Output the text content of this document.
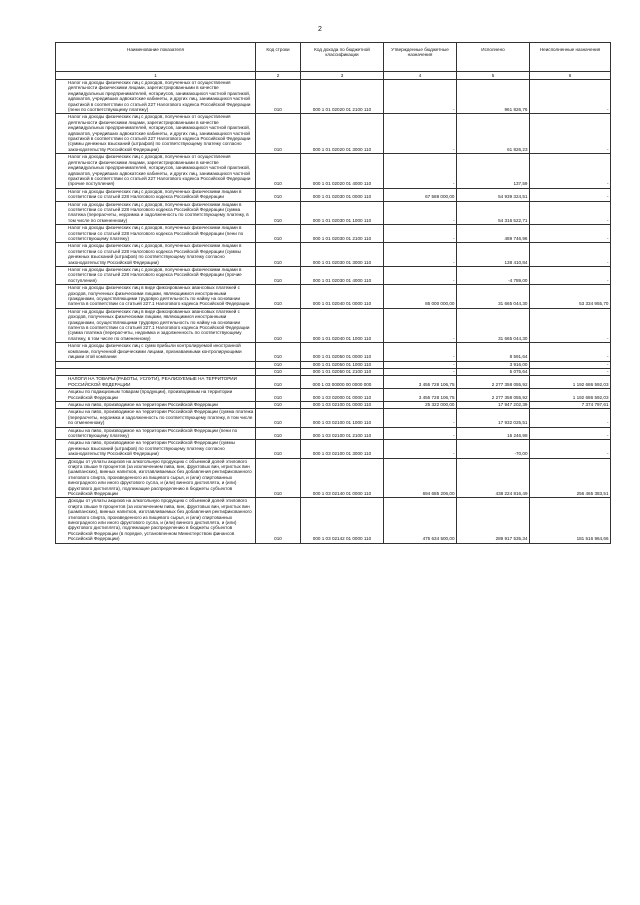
2
Наименование показателя	Код строки	Код дохода по бюджетной классификации	Утвержденные бюджетные назначения	Исполнено	Неисполненные назначения
1	2	3	4	5	6
Налог на доходы физических лиц с доходов, полученных от осуществления деятельности физическими лицами, зарегистрированными в качестве индивидуальных предпринимателей, нотариусов, занимающихся частной практикой, адвокатов, учредивших адвокатские кабинеты, и других лиц, занимающихся частной практикой в соответствии со статьей 227 Налогового кодекса Российской Федерации (пени по соответствующему платежу)	010	000 1 01 02020 01 2100 110	-	961 826,76	-
Налог на доходы физических лиц с доходов, полученных от осуществления деятельности физическими лицами, зарегистрированными в качестве индивидуальных предпринимателей, нотариусов, занимающихся частной практикой, адвокатов, учредивших адвокатские кабинеты, и других лиц, занимающихся частной практикой в соответствии со статьей 227 Налогового кодекса Российской Федерации (суммы денежных взысканий (штрафов) по соответствующему платежу согласно законодательству Российской Федерации)	010	000 1 01 02020 01 3000 110	-	61 826,23	-
Налог на доходы физических лиц с доходов, полученных от осуществления деятельности физическими лицами, зарегистрированными в качестве индивидуальных предпринимателей, нотариусов, занимающихся частной практикой, адвокатов, учредивших адвокатские кабинеты, и других лиц, занимающихся частной практикой в соответствии со статьей 227 Налогового кодекса Российской Федерации (прочие поступления)	010	000 1 01 02020 01 4000 110	-	137,59	-
Налог на доходы физических лиц с доходов, полученных физическими лицами в соответствии со статьей 228 Налогового кодекса Российской Федерации	010	000 1 01 02030 01 0000 110	67 588 000,00	54 939 324,51	-
Налог на доходы физических лиц с доходов, полученных физическими лицами в соответствии со статьей 228 Налогового кодекса Российской Федерации (сумма платежа (перерасчеты, недоимка и задолженность по соответствующему платежу, в том числе по отмененному)	010	000 1 01 02030 01 1000 110	-	54 316 522,71	-
Налог на доходы физических лиц с доходов, полученных физическими лицами в соответствии со статьей 228 Налогового кодекса Российской Федерации (пени по соответствующему платежу)	010	000 1 01 02030 01 2100 110	-	489 746,96	-
Налог на доходы физических лиц с доходов, полученных физическими лицами в соответствии со статьей 228 Налогового кодекса Российской Федерации (суммы денежных взысканий (штрафов) по соответствующему платежу согласно законодательству Российской Федерации)	010	000 1 01 02030 01 3000 110	-	138 410,84	-
Налог на доходы физических лиц с доходов, полученных физическими лицами в соответствии со статьей 228 Налогового кодекса Российской Федерации (прочие поступления)	010	000 1 01 02030 01 4000 110	-	-4 789,00	-
Налог на доходы физических лиц в виде фиксированных авансовых платежей с доходов, полученных физическими лицами, являющимися иностранными гражданами, осуществляющими трудовую деятельность по найму на основании патента в соответствии со статьей 227.1 Налогового кодекса Российской Федерации	010	000 1 01 02040 01 0000 110	85 000 000,00	31 665 044,30	53 334 955,70
Налог на доходы физических лиц в виде фиксированных авансовых платежей с доходов, полученных физическими лицами, являющимися иностранными гражданами, осуществляющими трудовую деятельность по найму на основании патента в соответствии со статьей 227.1 Налогового кодекса Российской Федерации (сумма платежа (перерасчеты, недоимка и задолженность по соответствующему платежу, в том числе по отмененному)	010	000 1 01 02040 01 1000 110	-	31 665 044,30	-
Налог на доходы физических лиц с сумм прибыли контролируемой иностранной компании, полученной физическими лицами, признаваемыми контролирующими лицами этой компании	010	000 1 01 02050 01 0000 110	-	8 591,64	-
	010	000 1 01 02050 01 1000 110	-	3 916,00	-
	010	000 1 01 02050 01 2100 110	-	5 075,64	-
НАЛОГИ НА ТОВАРЫ (РАБОТЫ, УСЛУГИ), РЕАЛИЗУЕМЫЕ НА ТЕРРИТОРИИ РОССИЙСКОЙ ФЕДЕРАЦИИ	010	000 1 03 00000 00 0000 000	3 455 728 106,75	2 277 358 055,92	1 192 686 592,03
Акцизы по подакцизным товарам (продукции), производимым на территории Российской Федерации	010	000 1 03 02000 01 0000 110	3 455 728 106,75	2 277 358 055,92	1 192 686 592,03
Акцизы на пиво, производимое на территории Российской Федерации	010	000 1 03 02100 01 0000 110	25 322 000,00	17 947 202,39	7 374 797,61
Акцизы на пиво, производимое на территории Российской Федерации (сумма платежа (перерасчеты, недоимка и задолженность по соответствующему платежу, в том числе по отмененному)	010	000 1 03 02100 01 1000 110	-	17 932 025,51	-
Акцизы на пиво, производимое на территории Российской Федерации (пени по соответствующему платежу)	010	000 1 03 02100 01 2100 110	-	15 246,98	-
Акцизы на пиво, производимое на территории Российской Федерации (суммы денежных взысканий (штрафов) по соответствующему платежу согласно законодательству Российской Федерации)	010	000 1 03 02100 01 3000 110	-	-70,00	-
Доходы от уплаты акцизов на алкогольную продукцию с объемной долей этилового спирта свыше 9 процентов (за исключением пива, вин, фруктовых вин, игристых вин (шампанских), винных напитков, изготавливаемых без добавления ректификованного этилового спирта, произведенного из пищевого сырья, и (или) спиртованных виноградного или иного фруктового сусла, и (или) винного дистиллята, и (или) фруктового дистиллята), подлежащие распределению в бюджеты субъектов Российской Федерации	010	000 1 03 02140 01 0000 110	694 685 206,00	438 224 816,49	256 465 383,51
Доходы от уплаты акцизов на алкогольную продукцию с объемной долей этилового спирта свыше 9 процентов (за исключением пива, вин, фруктовых вин, игристых вин (шампанских), винных напитков, изготавливаемых без добавления ректификованного этилового спирта, произведенного из пищевого сырья, и (или) спиртованных виноградного или иного фруктового сусла, и (или) винного дистиллята, и (или) фруктового дистиллята), подлежащие распределению в бюджеты субъектов Российской Федерации (в порядке, установленном Министерством финансов Российской Федерации)	010	000 1 03 02142 01 0000 110	475 634 500,00	289 917 535,34	181 516 964,66
